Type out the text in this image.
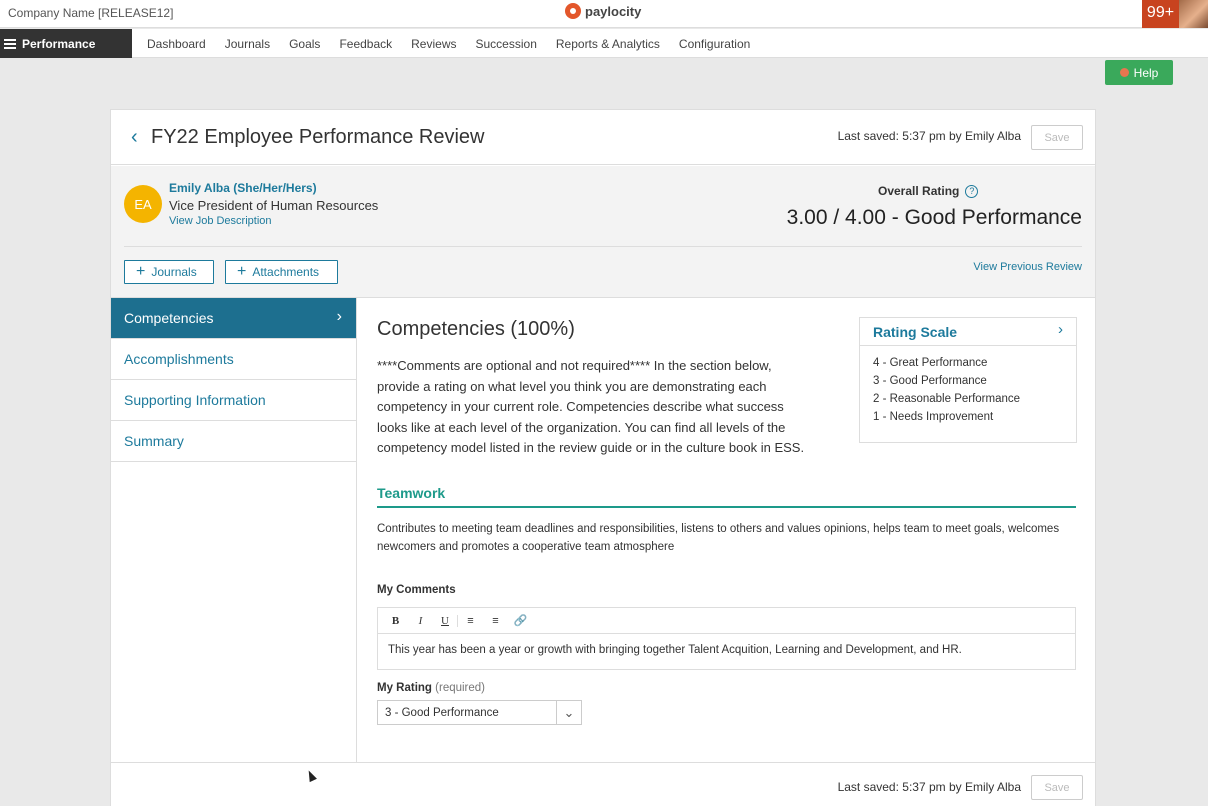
Company Name [RELEASE12]	paylocity	99+
Performance	Dashboard Journals Goals Feedback Reviews Succession Reports & Analytics Configuration
Help
‹ FY22 Employee Performance Review	Last saved: 5:37 pm by Emily Alba	Save
EA
Emily Alba (She/Her/Hers)
Vice President of Human Resources
View Job Description
Overall Rating	?
3.00 / 4.00 - Good Performance
+ Journals	+ Attachments	View Previous Review
Competencies	›
Accomplishments
Supporting Information
Summary
Competencies (100%)

****Comments are optional and not required**** In the section below, provide a rating on what level you think you are demonstrating each competency in your current role. Competencies describe what success looks like at each level of the organization. You can find all levels of the competency model listed in the review guide or in the culture book in ESS.

Rating Scale	›
4 - Great Performance
3 - Good Performance
2 - Reasonable Performance
1 - Needs Improvement
Teamwork

Contributes to meeting team deadlines and responsibilities, listens to others and values opinions, helps team to meet goals, welcomes newcomers and promotes a cooperative team atmosphere

My Comments
B	I	U	≡	≡	🔗
This year has been a year or growth with bringing together Talent Acquition, Learning and Development, and HR.
My Rating (required)
3 - Good Performance	⌄
Last saved: 5:37 pm by Emily Alba	Save
